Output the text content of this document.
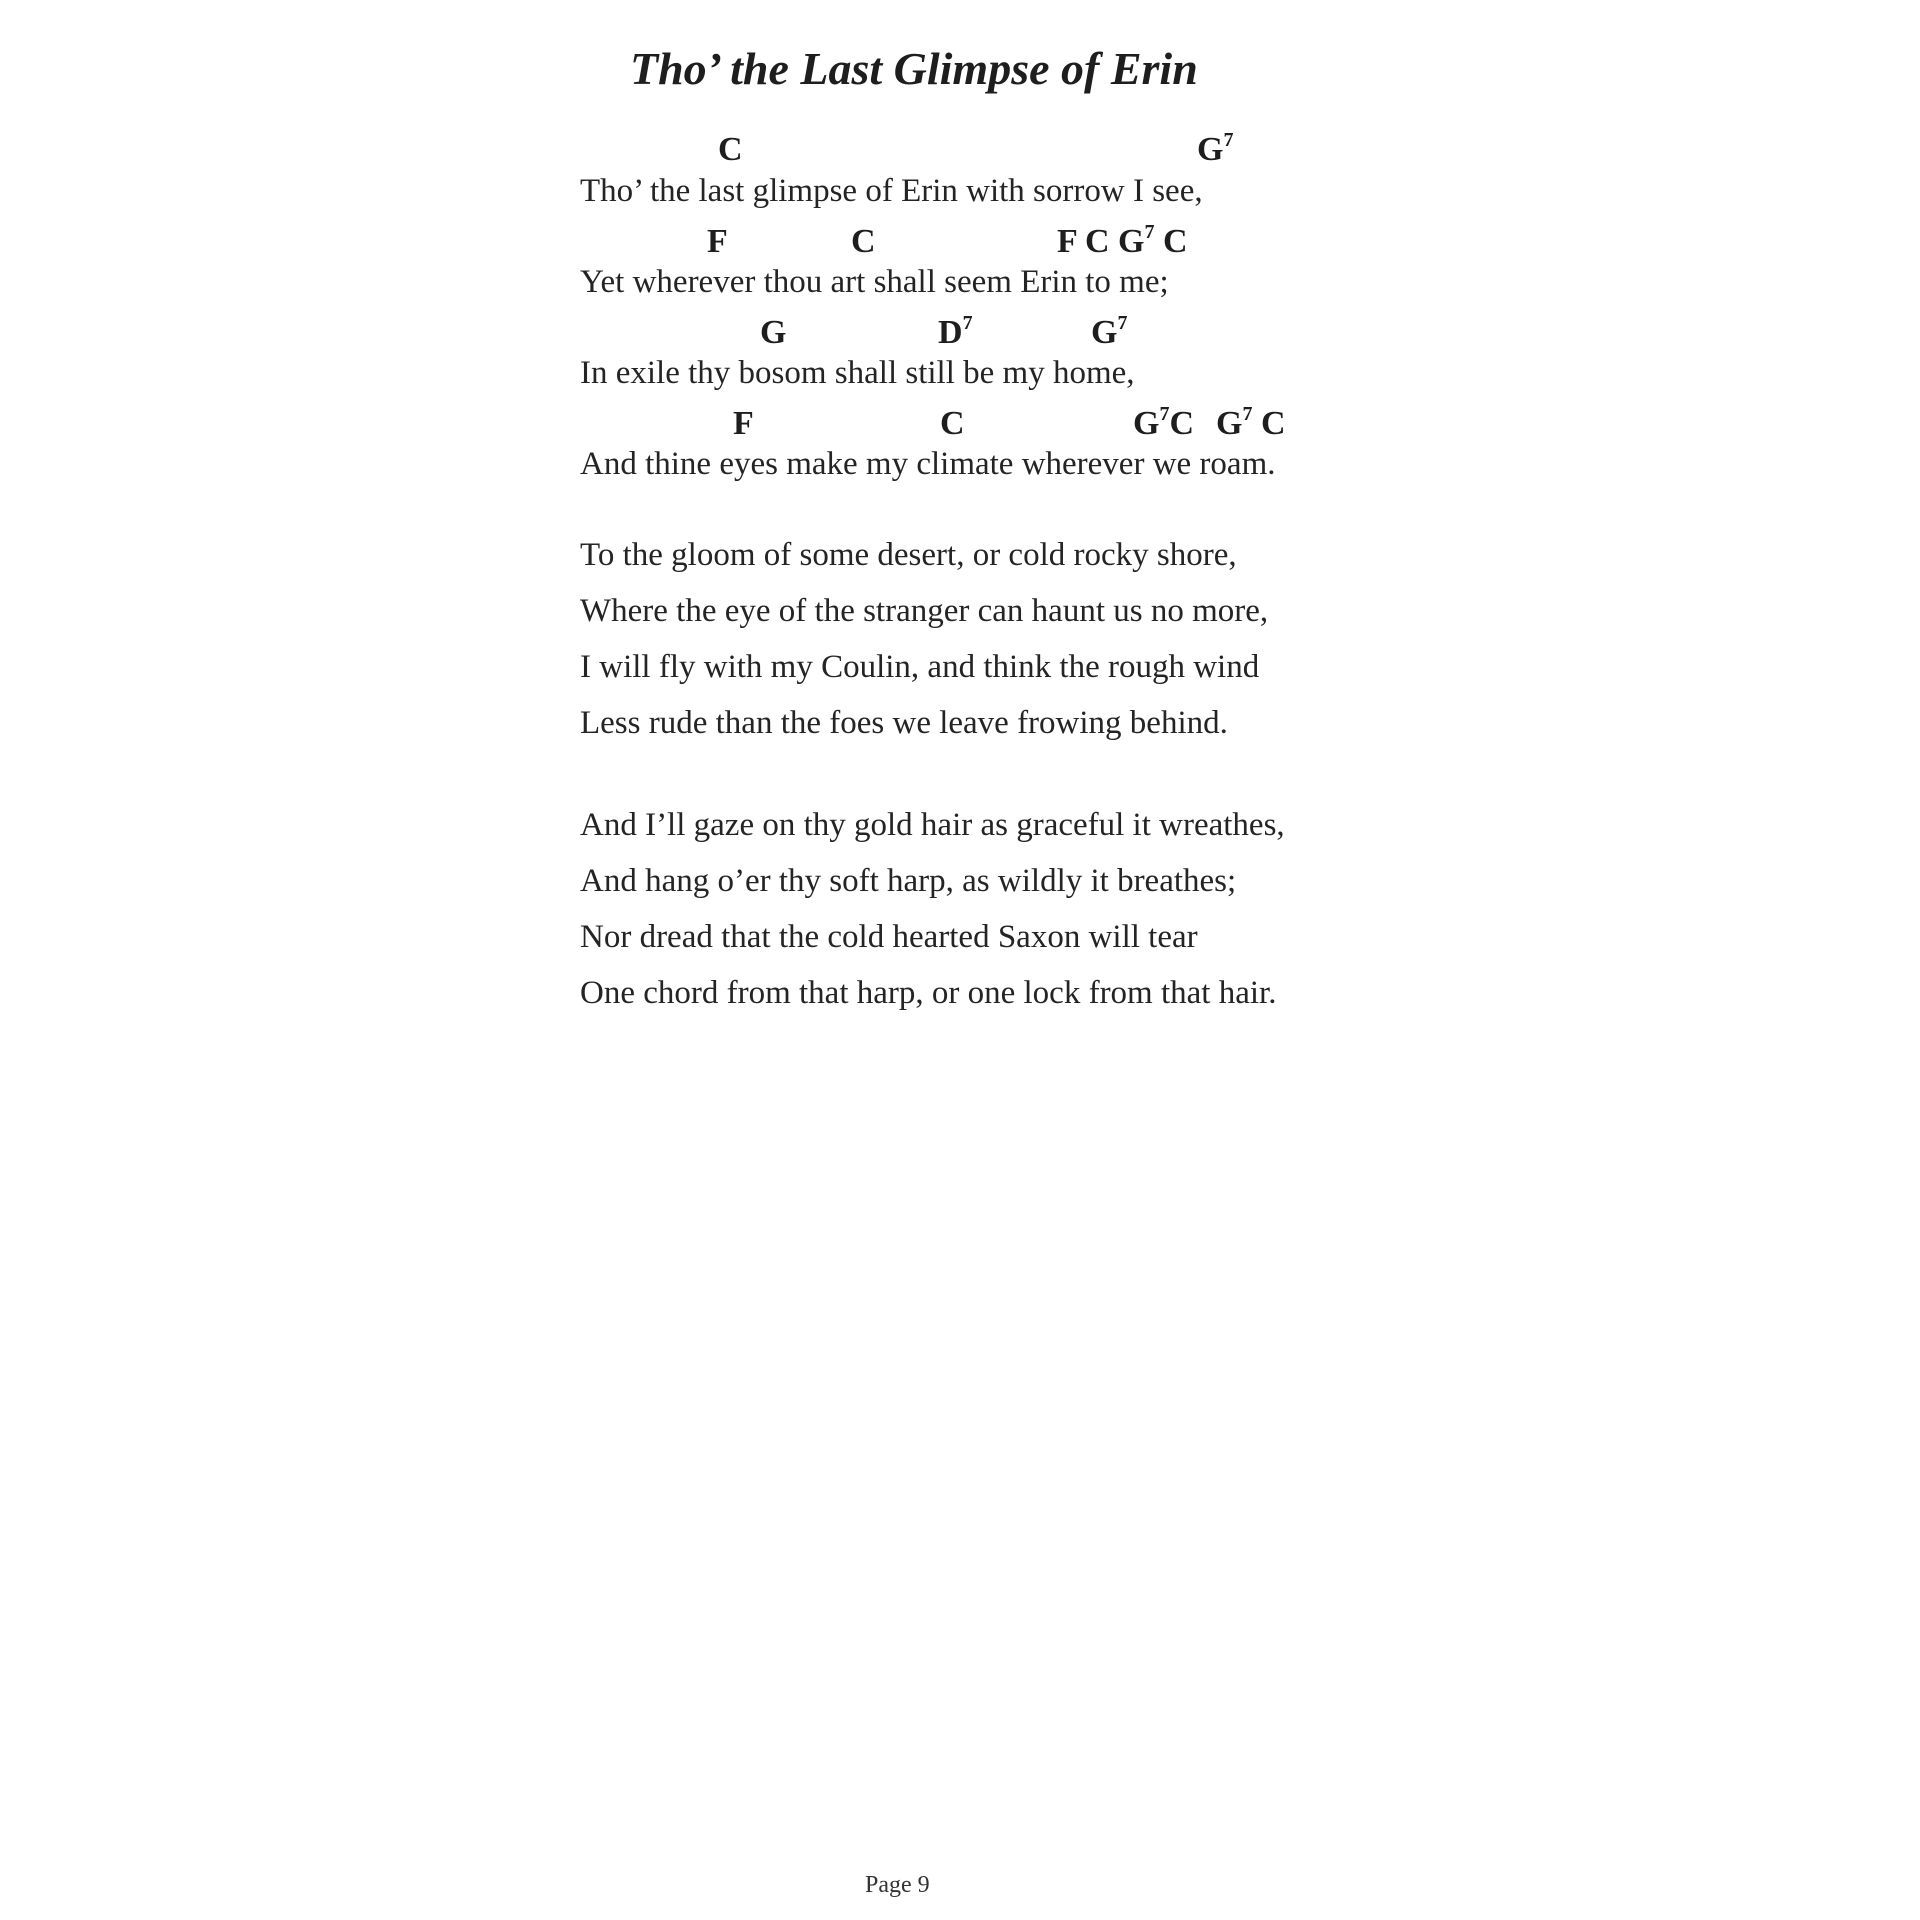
Tho’ the Last Glimpse of Erin
C	$G^7$
Tho’ the last glimpse of Erin with sorrow I see,
F	C	F C $G^7$ C
Yet wherever thou art shall seem Erin to me;
G	$D^7$	$G^7$
In exile thy bosom shall still be my home,
F	C	$G^7C$ $G^7$ C
And thine eyes make my climate wherever we roam.
To the gloom of some desert, or cold rocky shore,
Where the eye of the stranger can haunt us no more,
I will fly with my Coulin, and think the rough wind
Less rude than the foes we leave frowing behind.
And I’ll gaze on thy gold hair as graceful it wreathes,
And hang o’er thy soft harp, as wildly it breathes;
Nor dread that the cold hearted Saxon will tear
One chord from that harp, or one lock from that hair.
Page 9
